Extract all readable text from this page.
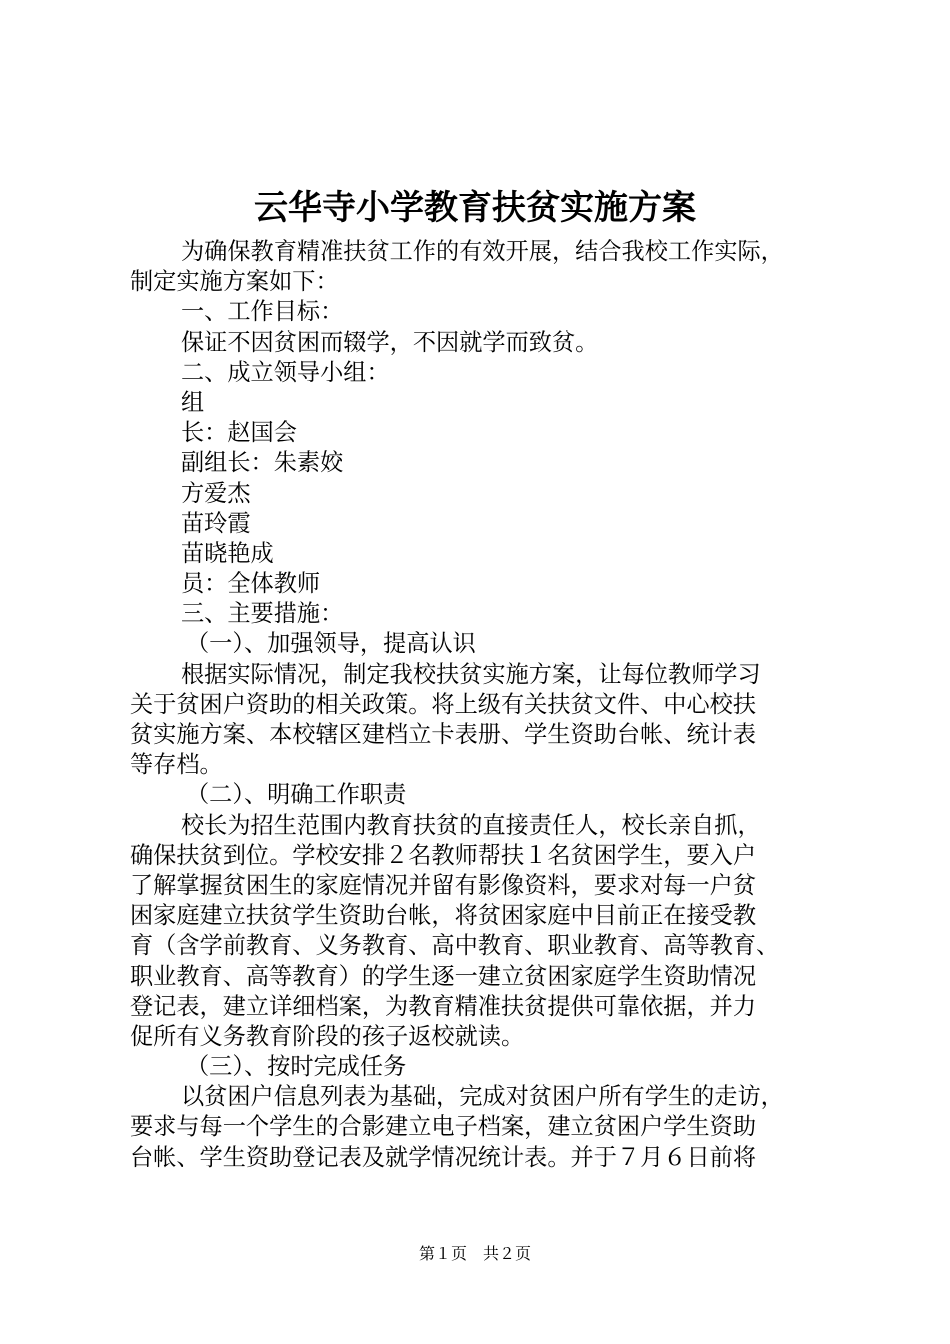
云华寺小学教育扶贫实施方案
为确保教育精准扶贫工作的有效开展，结合我校工作实际，
制定实施方案如下：
一、工作目标：
保证不因贫困而辍学，不因就学而致贫。
二、成立领导小组：
组
长：赵国会
副组长：朱素姣
方爱杰
苗玲霞
苗晓艳成
员：全体教师
三、主要措施：
（一）、加强领导，提高认识
根据实际情况，制定我校扶贫实施方案，让每位教师学习
关于贫困户资助的相关政策。将上级有关扶贫文件、中心校扶
贫实施方案、本校辖区建档立卡表册、学生资助台帐、统计表
等存档。
（二）、明确工作职责
校长为招生范围内教育扶贫的直接责任人，校长亲自抓，
确保扶贫到位。学校安排２名教师帮扶１名贫困学生，要入户
了解掌握贫困生的家庭情况并留有影像资料，要求对每一户贫
困家庭建立扶贫学生资助台帐，将贫困家庭中目前正在接受教
育（含学前教育、义务教育、高中教育、职业教育、高等教育、
职业教育、高等教育）的学生逐一建立贫困家庭学生资助情况
登记表，建立详细档案，为教育精准扶贫提供可靠依据，并力
促所有义务教育阶段的孩子返校就读。
（三）、按时完成任务
以贫困户信息列表为基础，完成对贫困户所有学生的走访，
要求与每一个学生的合影建立电子档案，建立贫困户学生资助
台帐、学生资助登记表及就学情况统计表。并于７月６日前将
第１页　共２页
